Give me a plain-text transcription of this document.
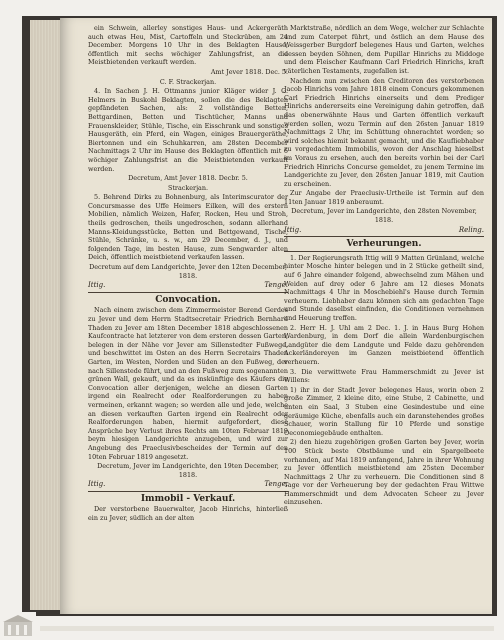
ein Schwein, allerley sonstiges Haus- und Ackergeräth auch etwas Heu, Mist, Cartoffeln und Steckrüben, am 24 December. Morgens 10 Uhr in des Beklagten Hause, öffentlich mit sechs wöchiger Zahlungsfrist, an die Meistbietenden verkauft werden.

Amt Jever 1818. Dec. 5.

C. F. Strackerjan.

4. In Sachen J. H. Ottmanns junior Kläger wider J. G. Helmers in Buskohl Beklagten, sollen die des Beklagten gepfändeten Sachen, als: 2 vollständige Betten, Bettgardinen, Betten und Tischtücher, Manns und Frauenskleider, Stühle, Tische, ein Eisschrank und sonstiges Hausgeräth, ein Pferd, ein Wagen, einiges Brauergeräthe, Biertonnen und ein Schuhkarren, am 28sten December Nachmittags 2 Uhr im Hause des Beklagten öffentlich mit 6 wöchiger Zahlungsfrist an die Meistbietenden verkauft werden.

Decretum, Amt Jever 1818. Decbr. 5.

Strackerjan.

5. Behrend Dirks zu Bohnenburg, als Interimscurator der Concursmasse des Uffe Heimers Eilken, will des erstern Mobilien, nämlich Weizen, Hafer, Rocken, Heu und Stroh, theils gedroschen, theils ungedroschen, sodann allerhand Manns-Kleidungsstücke, Betten und Bettgewand, Tische, Stühle, Schränke, u. s. w., am 29 December, d. J., und folgenden Tage, im besten Hause, zum Sengwarder alten Deich, öffentlich meistbietend verkaufen lassen.

Decretum auf dem Landgerichte, Jever den 12ten December, 1818.

Ittig.	Tenge.
Convocation.

Nach einem zwischen dem Zimmermeister Berend Gerdes zu Jever und dem Herrn Stadtsecretair Friedrich Bernhard Thaden zu Jever am 18ten December 1818 abgeschlossenen Kaufcontracte hat letzterer von dem ersteren dessen Garten, belegen in der Nähe vor Jever am Sillenstedter Fußwege, und beschwittet im Osten an des Herrn Secretairs Thaden Garten, im Westen, Norden und Süden an den Fußweg, der nach Sillenstede führt, und an den Fußweg zum sogenannten grünen Wall, gekauft, und da es inskünftige des Käufers die Convocation aller derjenigen, welche an diesen Garten irgend ein Realrecht oder Realforderungen zu haben vermeinen, erkannt wagen; so werden alle und jede, welche an diesen verkauften Garten irgend ein Realrecht oder Realforderungen haben, hiermit aufgefordert, diese Ansprüche bey Verlust ihres Rechts am 10ten Februar 1819 beym hiesigen Landgerichte anzugeben, und wird zur Angebung des Praeclusivbescheides der Termin auf den 10ten Februar 1819 angesetzt.

Decretum, Jever im Landgerichte, den 19ten December, 1818.

Ittig.	Tenge.
Immobil - Verkauf.

Der verstorbene Bauerwalter, Jacob Hinrichs, hinterließ ein zu Jever, südlich an der alten

Marktstraße, nördlich an dem Wege, welcher zur Schlachte und zum Caterpet führt, und östlich an dem Hause des Weissgerber Burgdorf belegenes Haus und Garten, welches dessen beyden Söhnen, dem Pupillar Hinrichs zu Middoge und dem Fleischer Kaufmann Carl Friedrich Hinrichs, kraft väterlichen Testaments, zugefallen ist.

Nachdem nun zwischen den Creditoren des verstorbenen Jacob Hinrichs vom Jahre 1818 einem Concurs gekommenen Carl Friedrich Hinrichs einerseits und dem Prediger Hinrichs andererseits eine Vereinigung dahin getroffen, daß das obenerwähnte Haus und Garten öffentlich verkauft werden sollen, wozu Termin auf den 26sten Januar 1819 Nachmittags 2 Uhr, im Schüttung ohnerachtet worden; so wird solches hiemit bekannt gemacht, und die Kaufliebhaber zu vorgedachtem Immobilis, wovon der Anschlag hieselbst im Voraus zu ersehen, auch den bereits vorhin bei der Carl Friedrich Hinrichs Concurse gemeldet, zu jenem Termine im Landgerichte zu Jever, den 26sten Januar 1819, mit Caution zu erscheinen.

Zur Angabe der Praeclusiv-Urtheile ist Termin auf den 11ten Januar 1819 anberaumt.

Decretum, Jever im Landgerichte, den 28sten November, 1818.

Ittig.	Reling.
Verheurungen.

1. Der Regierungsrath Ittig will 9 Matten Grünland, welche hinter Mosche hinter belegen und in 2 Stücke getheilt sind, auf 6 Jahre einander folgend, abwechselnd zum Mähen und Weiden auf drey oder 6 Jahre am 12 dieses Monats Nachmittags 4 Uhr in Moschebiehl's Hause durch Termin verheuern. Liebhaber dazu können sich am gedachten Tage und Stunde daselbst einfinden, die Conditionen vernehmen und Heuerung treffen.

2. Herr H. J. Uhl am 2 Dec. 1. J. in Haus Burg Hohen Wardenburg, in dem Dorf die allein Wardenburgischen Landgüter die dem Landgute und Felde dazu gehörenden Ackerländereyen im Ganzen meistbietend öffentlich verheuern.

3. Die verwittwete Frau Hammerschmidt zu Jever ist Willens:

1) ihr in der Stadt Jever belegenes Haus, worin oben 2 große Zimmer, 2 kleine dito, eine Stube, 2 Cabinette, und unten ein Saal, 3 Stuben eine Gesindestube und eine geräumige Küche, ebenfalls auch ein daranstehendes großes Schauer, worin Stallung für 10 Pferde und sonstige Oeconomiegebäude enthalten.

2) den hiezu zugehörigen großen Garten bey Jever, worin 100 Stück beste Obstbäume und ein Spargelbeete vorhanden, auf Mai 1819 anfangend, Jahre in ihrer Wohnung zu Jever öffentlich meistbietend am 25sten December Nachmittags 2 Uhr zu verheuern. Die Conditionen sind 8 Tage vor der Verheuerung bey der gedachten Frau Wittwe Hammerschmidt und dem Advocaten Scheer zu Jever einzusehen.
